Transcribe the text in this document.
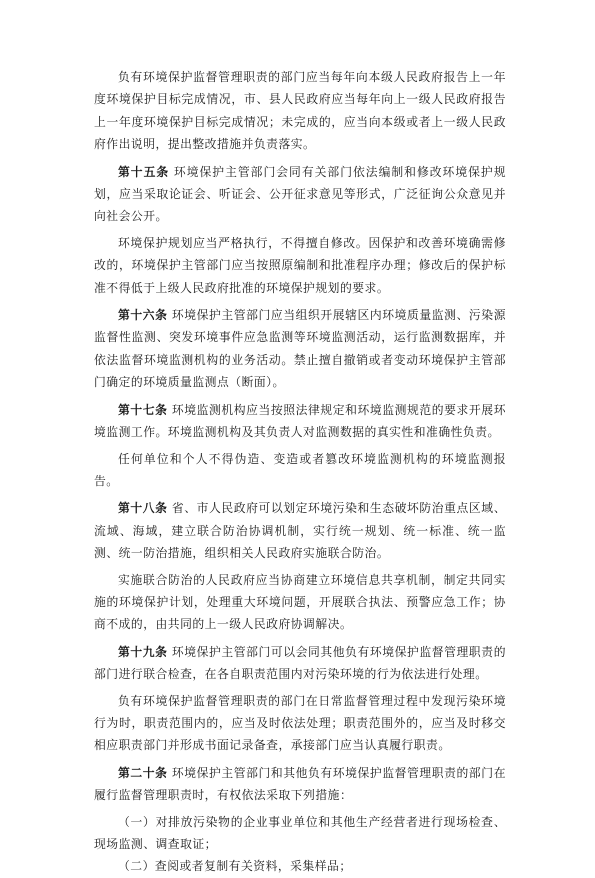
负有环境保护监督管理职责的部门应当每年向本级人民政府报告上一年度环境保护目标完成情况，市、县人民政府应当每年向上一级人民政府报告上一年度环境保护目标完成情况；未完成的，应当向本级或者上一级人民政府作出说明，提出整改措施并负责落实。

第十五条 环境保护主管部门会同有关部门依法编制和修改环境保护规划，应当采取论证会、听证会、公开征求意见等形式，广泛征询公众意见并向社会公开。

环境保护规划应当严格执行，不得擅自修改。因保护和改善环境确需修改的，环境保护主管部门应当按照原编制和批准程序办理；修改后的保护标准不得低于上级人民政府批准的环境保护规划的要求。

第十六条 环境保护主管部门应当组织开展辖区内环境质量监测、污染源监督性监测、突发环境事件应急监测等环境监测活动，运行监测数据库，并依法监督环境监测机构的业务活动。禁止擅自撤销或者变动环境保护主管部门确定的环境质量监测点（断面）。

第十七条 环境监测机构应当按照法律规定和环境监测规范的要求开展环境监测工作。环境监测机构及其负责人对监测数据的真实性和准确性负责。

任何单位和个人不得伪造、变造或者篡改环境监测机构的环境监测报告。

第十八条 省、市人民政府可以划定环境污染和生态破坏防治重点区域、流域、海域，建立联合防治协调机制，实行统一规划、统一标准、统一监测、统一防治措施，组织相关人民政府实施联合防治。

实施联合防治的人民政府应当协商建立环境信息共享机制，制定共同实施的环境保护计划，处理重大环境问题，开展联合执法、预警应急工作；协商不成的，由共同的上一级人民政府协调解决。

第十九条 环境保护主管部门可以会同其他负有环境保护监督管理职责的部门进行联合检查，在各自职责范围内对污染环境的行为依法进行处理。

负有环境保护监督管理职责的部门在日常监督管理过程中发现污染环境行为时，职责范围内的，应当及时依法处理；职责范围外的，应当及时移交相应职责部门并形成书面记录备查，承接部门应当认真履行职责。

第二十条 环境保护主管部门和其他负有环境保护监督管理职责的部门在履行监督管理职责时，有权依法采取下列措施：

（一）对排放污染物的企业事业单位和其他生产经营者进行现场检查、现场监测、调查取证；

（二）查阅或者复制有关资料，采集样品；
